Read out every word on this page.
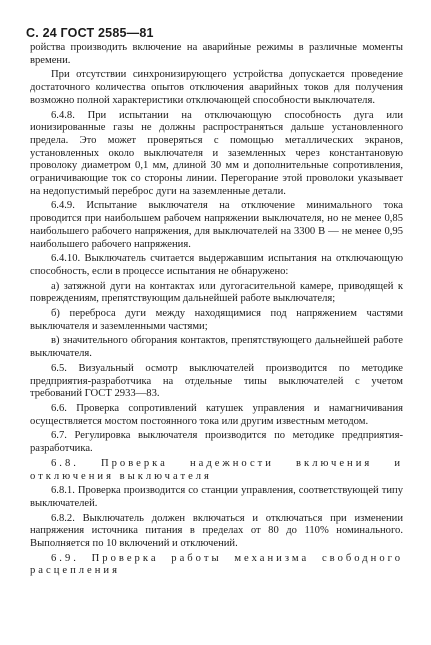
С. 24 ГОСТ 2585—81

ройства производить включение на аварийные режимы в различные моменты времени.

При отсутствии синхронизирующего устройства допускается проведение достаточного количества опытов отключения аварийных токов для получения возможно полной характеристики отключающей способности выключателя.

6.4.8. При испытании на отключающую способность дуга или ионизированные газы не должны распространяться дальше установленного предела. Это может проверяться с помощью металлических экранов, установленных около выключателя и заземленных через константановую проволоку диаметром 0,1 мм, длиной 30 мм и дополнительные сопротивления, ограничивающие ток со стороны линии. Перегорание этой проволоки указывает на недопустимый переброс дуги на заземленные детали.

6.4.9. Испытание выключателя на отключение минимального тока проводится при наибольшем рабочем напряжении выключателя, но не менее 0,85 наибольшего рабочего напряжения, для выключателей на 3300 В — не менее 0,95 наибольшего рабочего напряжения.

6.4.10. Выключатель считается выдержавшим испытания на отключающую способность, если в процессе испытания не обнаружено:

а) затяжной дуги на контактах или дугогасительной камере, приводящей к повреждениям, препятствующим дальнейшей работе выключателя;

б) переброса дуги между находящимися под напряжением частями выключателя и заземленными частями;

в) значительного обгорания контактов, препятствующего дальнейшей работе выключателя.

6.5. Визуальный осмотр выключателей производится по методике предприятия-разработчика на отдельные типы выключателей с учетом требований ГОСТ 2933—83.

6.6. Проверка сопротивлений катушек управления и намагничивания осуществляется мостом постоянного тока или другим известным методом.

6.7. Регулировка выключателя производится по методике предприятия-разработчика.

6.8. Проверка надежности включения и отключения выключателя

6.8.1. Проверка производится со станции управления, соответствующей типу выключателей.

6.8.2. Выключатель должен включаться и отключаться при изменении напряжения источника питания в пределах от 80 до 110% номинального. Выполняется по 10 включений и отключений.

6.9. Проверка работы механизма свободного расцепления
